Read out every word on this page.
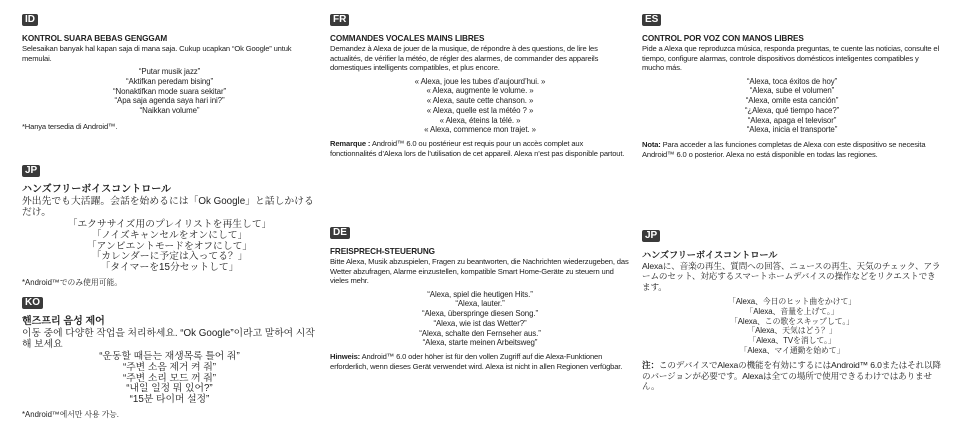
ID

KONTROL SUARA BEBAS GENGGAM

Selesaikan banyak hal kapan saja di mana saja. Cukup ucapkan “Ok Google” untuk memulai.

“Putar musik jazz”
“Aktifkan peredam bising”
“Nonaktifkan mode suara sekitar”
“Apa saja agenda saya hari ini?”
“Naikkan volume”

*Hanya tersedia di Android™.

JP

ハンズフリーボイスコントロール

外出先でも大活躍。会話を始めるには「Ok Google」と話しかけるだけ。

「エクササイズ用のプレイリストを再生して」
「ノイズキャンセルをオンにして」
「アンビエントモードをオフにして」
「カレンダーに予定は入ってる？」
「タイマーを15分セットして」

*Android™でのみ使用可能。

KO

핸즈프리 음성 제어

이동 중에 다양한 작업을 처리하세요. “Ok Google”이라고 말하여 시작해 보세요

“운동할 때듣는 재생목록 틀어 줘”
“주변 소음 제거 켜 줘”
“주변 소리 모드 꺼 줘”
“내일 일정 뭐 있어?”
“15분 타이머 설정”

*Android™에서만 사용 가능.

FR

COMMANDES VOCALES MAINS LIBRES

Demandez à Alexa de jouer de la musique, de répondre à des questions, de lire les actualités, de vérifier la météo, de régler des alarmes, de commander des appareils domestiques intelligents compatibles, et plus encore.

« Alexa, joue les tubes d’aujourd’hui. »
« Alexa, augmente le volume. »
« Alexa, saute cette chanson. »
« Alexa, quelle est la météo ? »
« Alexa, éteins la télé. »
« Alexa, commence mon trajet. »

Remarque : Android™ 6.0 ou postérieur est requis pour un accès complet aux fonctionnalités d’Alexa lors de l’utilisation de cet appareil. Alexa n’est pas disponible partout.

DE

FREISPRECH-STEUERUNG

Bitte Alexa, Musik abzuspielen, Fragen zu beantworten, die Nachrichten wiederzugeben, das Wetter abzufragen, Alarme einzustellen, kompatible Smart Home-Geräte zu steuern und vieles mehr.

“Alexa, spiel die heutigen Hits.”
“Alexa, lauter.”
“Alexa, überspringe diesen Song.”
“Alexa, wie ist das Wetter?”
“Alexa, schalte den Fernseher aus.”
“Alexa, starte meinen Arbeitsweg”

Hinweis: Android™ 6.0 oder höher ist für den vollen Zugriff auf die Alexa-Funktionen erforderlich, wenn dieses Gerät verwendet wird. Alexa ist nicht in allen Regionen verfügbar.

ES

CONTROL POR VOZ CON MANOS LIBRES

Pide a Alexa que reproduzca música, responda preguntas, te cuente las noticias, consulte el tiempo, configure alarmas, controle dispositivos domésticos inteligentes compatibles y mucho más.

“Alexa, toca éxitos de hoy”
“Alexa, sube el volumen”
“Alexa, omite esta canción”
“¿Alexa, qué tiempo hace?”
“Alexa, apaga el televisor”
“Alexa, inicia el transporte”

Nota: Para acceder a las funciones completas de Alexa con este dispositivo se necesita Android™ 6.0 o posterior. Alexa no está disponible en todas las regiones.

JP

ハンズフリーボイスコントロール

Alexaに、音楽の再生、質問への回答、ニュースの再生、天気のチェック、アラームのセット、対応するスマートホームデバイスの操作などをリクエストできます。

「Alexa、今日のヒット曲をかけて」
「Alexa、音量を上げて。」
「Alexa、この歌をスキップして。」
「Alexa、天気はどう？」
「Alexa、TVを消して。」
「Alexa、マイ通勤を始めて」

注：このデバイスでAlexaの機能を有効にするにはAndroid™ 6.0またはそれ以降のバージョンが必要です。Alexaは全ての場所で使用できるわけではありません。
